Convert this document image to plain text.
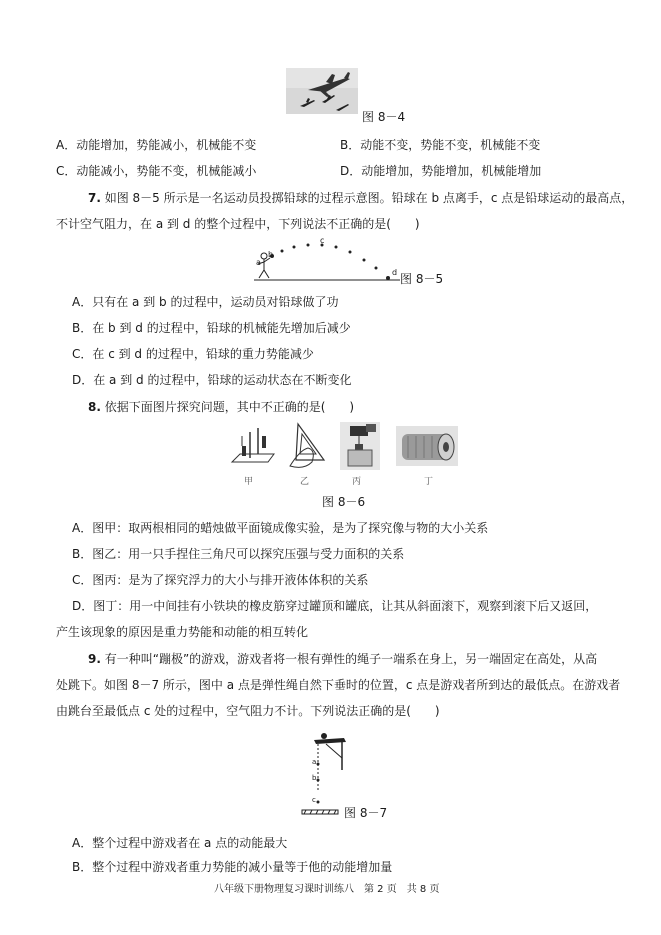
图 8－4
A．动能增加，势能减小，机械能不变	B．动能不变，势能不变，机械能不变
C．动能减小，势能不变，机械能减小	D．动能增加，势能增加，机械能增加
7. 如图 8－5 所示是一名运动员投掷铅球的过程示意图。铅球在 b 点离手，c 点是铅球运动的最高点，
不计空气阻力，在 a 到 d 的整个过程中，下列说法不正确的是(　　)
a
b
c
d 图 8－5
A．只有在 a 到 b 的过程中，运动员对铅球做了功
B．在 b 到 d 的过程中，铅球的机械能先增加后减少
C．在 c 到 d 的过程中，铅球的重力势能减少
D．在 a 到 d 的过程中，铅球的运动状态在不断变化
8. 依据下面图片探究问题，其中不正确的是(　　)
甲	乙	丙	丁
图 8－6
A．图甲：取两根相同的蜡烛做平面镜成像实验，是为了探究像与物的大小关系
B．图乙：用一只手捏住三角尺可以探究压强与受力面积的关系
C．图丙：是为了探究浮力的大小与排开液体体积的关系
D．图丁：用一中间挂有小铁块的橡皮筋穿过罐顶和罐底，让其从斜面滚下，观察到滚下后又返回，
产生该现象的原因是重力势能和动能的相互转化
9. 有一种叫“蹦极”的游戏，游戏者将一根有弹性的绳子一端系在身上，另一端固定在高处，从高
处跳下。如图 8－7 所示，图中 a 点是弹性绳自然下垂时的位置，c 点是游戏者所到达的最低点。在游戏者
由跳台至最低点 c 处的过程中，空气阻力不计。下列说法正确的是(　　)
a
b
c
图 8－7
A．整个过程中游戏者在 a 点的动能最大
B．整个过程中游戏者重力势能的减小量等于他的动能增加量
八年级下册物理复习课时训练八　第 2 页　共 8 页
